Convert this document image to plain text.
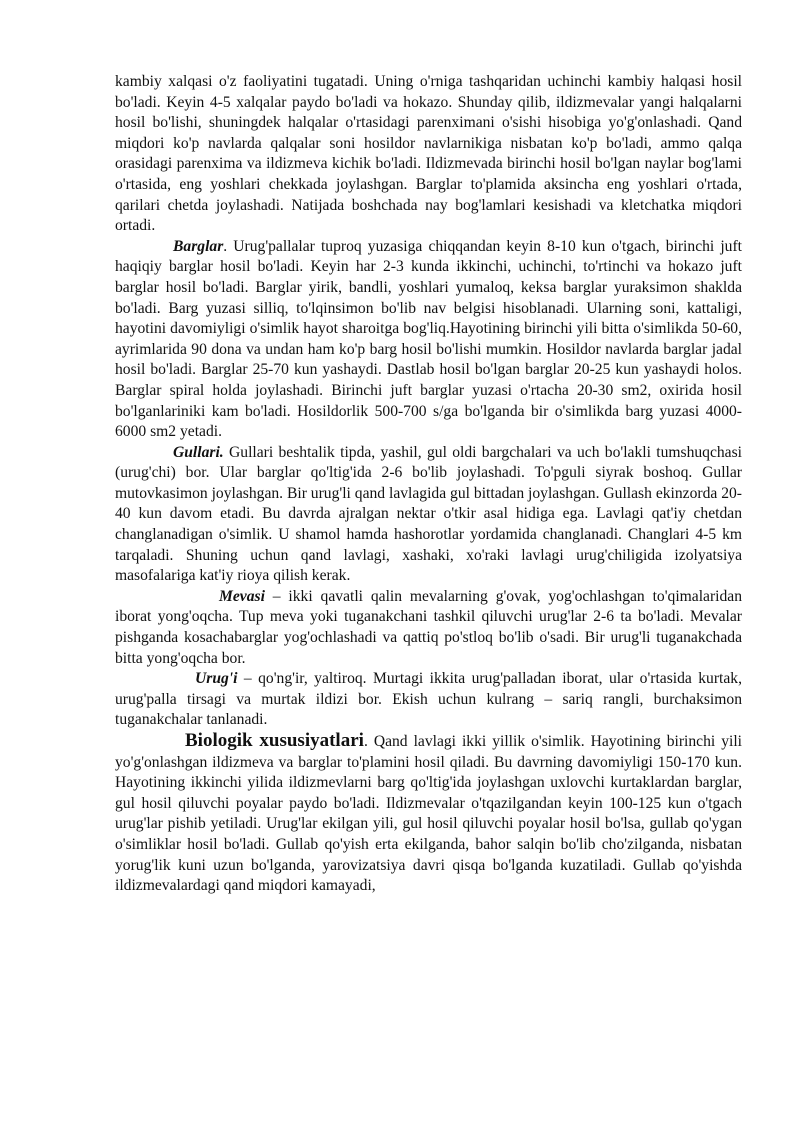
kambiy xalqasi o'z faoliyatini tugatadi. Uning o'rniga tashqaridan uchinchi kambiy halqasi hosil bo'ladi. Keyin 4-5 xalqalar paydo bo'ladi va hokazo. Shunday qilib, ildizmevalar yangi halqalarni hosil bo'lishi, shuningdek halqalar o'rtasidagi parenximani o'sishi hisobiga yo'g'onlashadi. Qand miqdori ko'p navlarda qalqalar soni hosildor navlarnikiga nisbatan ko'p bo'ladi, ammo qalqa orasidagi parenxima va ildizmeva kichik bo'ladi. Ildizmevada birinchi hosil bo'lgan naylar bog'lami o'rtasida, eng yoshlari chekkada joylashgan. Barglar to'plamida aksincha eng yoshlari o'rtada, qarilari chetda joylashadi. Natijada boshchada nay bog'lamlari kesishadi va kletchatka miqdori ortadi.

Barglar. Urug'pallalar tuproq yuzasiga chiqqandan keyin 8-10 kun o'tgach, birinchi juft haqiqiy barglar hosil bo'ladi. Keyin har 2-3 kunda ikkinchi, uchinchi, to'rtinchi va hokazo juft barglar hosil bo'ladi. Barglar yirik, bandli, yoshlari yumaloq, keksa barglar yuraksimon shaklda bo'ladi. Barg yuzasi silliq, to'lqinsimon bo'lib nav belgisi hisoblanadi. Ularning soni, kattaligi, hayotini davomiyligi o'simlik hayot sharoitga bog'liq.Hayotining birinchi yili bitta o'simlikda 50-60, ayrimlarida 90 dona va undan ham ko'p barg hosil bo'lishi mumkin. Hosildor navlarda barglar jadal hosil bo'ladi. Barglar 25-70 kun yashaydi. Dastlab hosil bo'lgan barglar 20-25 kun yashaydi holos. Barglar spiral holda joylashadi. Birinchi juft barglar yuzasi o'rtacha 20-30 sm2, oxirida hosil bo'lganlariniki kam bo'ladi. Hosildorlik 500-700 s/ga bo'lganda bir o'simlikda barg yuzasi 4000-6000 sm2 yetadi.

Gullari. Gullari beshtalik tipda, yashil, gul oldi bargchalari va uch bo'lakli tumshuqchasi (urug'chi) bor. Ular barglar qo'ltig'ida 2-6 bo'lib joylashadi. To'pguli siyrak boshoq. Gullar mutovkasimon joylashgan. Bir urug'li qand lavlagida gul bittadan joylashgan. Gullash ekinzorda 20-40 kun davom etadi. Bu davrda ajralgan nektar o'tkir asal hidiga ega. Lavlagi qat'iy chetdan changlanadigan o'simlik. U shamol hamda hashorotlar yordamida changlanadi. Changlari 4-5 km tarqaladi. Shuning uchun qand lavlagi, xashaki, xo'raki lavlagi urug'chiligida izolyatsiya masofalariga kat'iy rioya qilish kerak.

Mevasi – ikki qavatli qalin mevalarning g'ovak, yog'ochlashgan to'qimalaridan iborat yong'oqcha. Tup meva yoki tuganakchani tashkil qiluvchi urug'lar 2-6 ta bo'ladi. Mevalar pishganda kosachabarglar yog'ochlashadi va qattiq po'stloq bo'lib o'sadi. Bir urug'li tuganakchada bitta yong'oqcha bor.

Urug'i – qo'ng'ir, yaltiroq. Murtagi ikkita urug'palladan iborat, ular o'rtasida kurtak, urug'palla tirsagi va murtak ildizi bor. Ekish uchun kulrang – sariq rangli, burchaksimon tuganakchalar tanlanadi.

Biologik xususiyatlari. Qand lavlagi ikki yillik o'simlik. Hayotining birinchi yili yo'g'onlashgan ildizmeva va barglar to'plamini hosil qiladi. Bu davrning davomiyligi 150-170 kun. Hayotining ikkinchi yilida ildizmevlarni barg qo'ltig'ida joylashgan uxlovchi kurtaklardan barglar, gul hosil qiluvchi poyalar paydo bo'ladi. Ildizmevalar o'tqazilgandan keyin 100-125 kun o'tgach urug'lar pishib yetiladi. Urug'lar ekilgan yili, gul hosil qiluvchi poyalar hosil bo'lsa, gullab qo'ygan o'simliklar hosil bo'ladi. Gullab qo'yish erta ekilganda, bahor salqin bo'lib cho'zilganda, nisbatan yorug'lik kuni uzun bo'lganda, yarovizatsiya davri qisqa bo'lganda kuzatiladi. Gullab qo'yishda ildizmevalardagi qand miqdori kamayadi,
